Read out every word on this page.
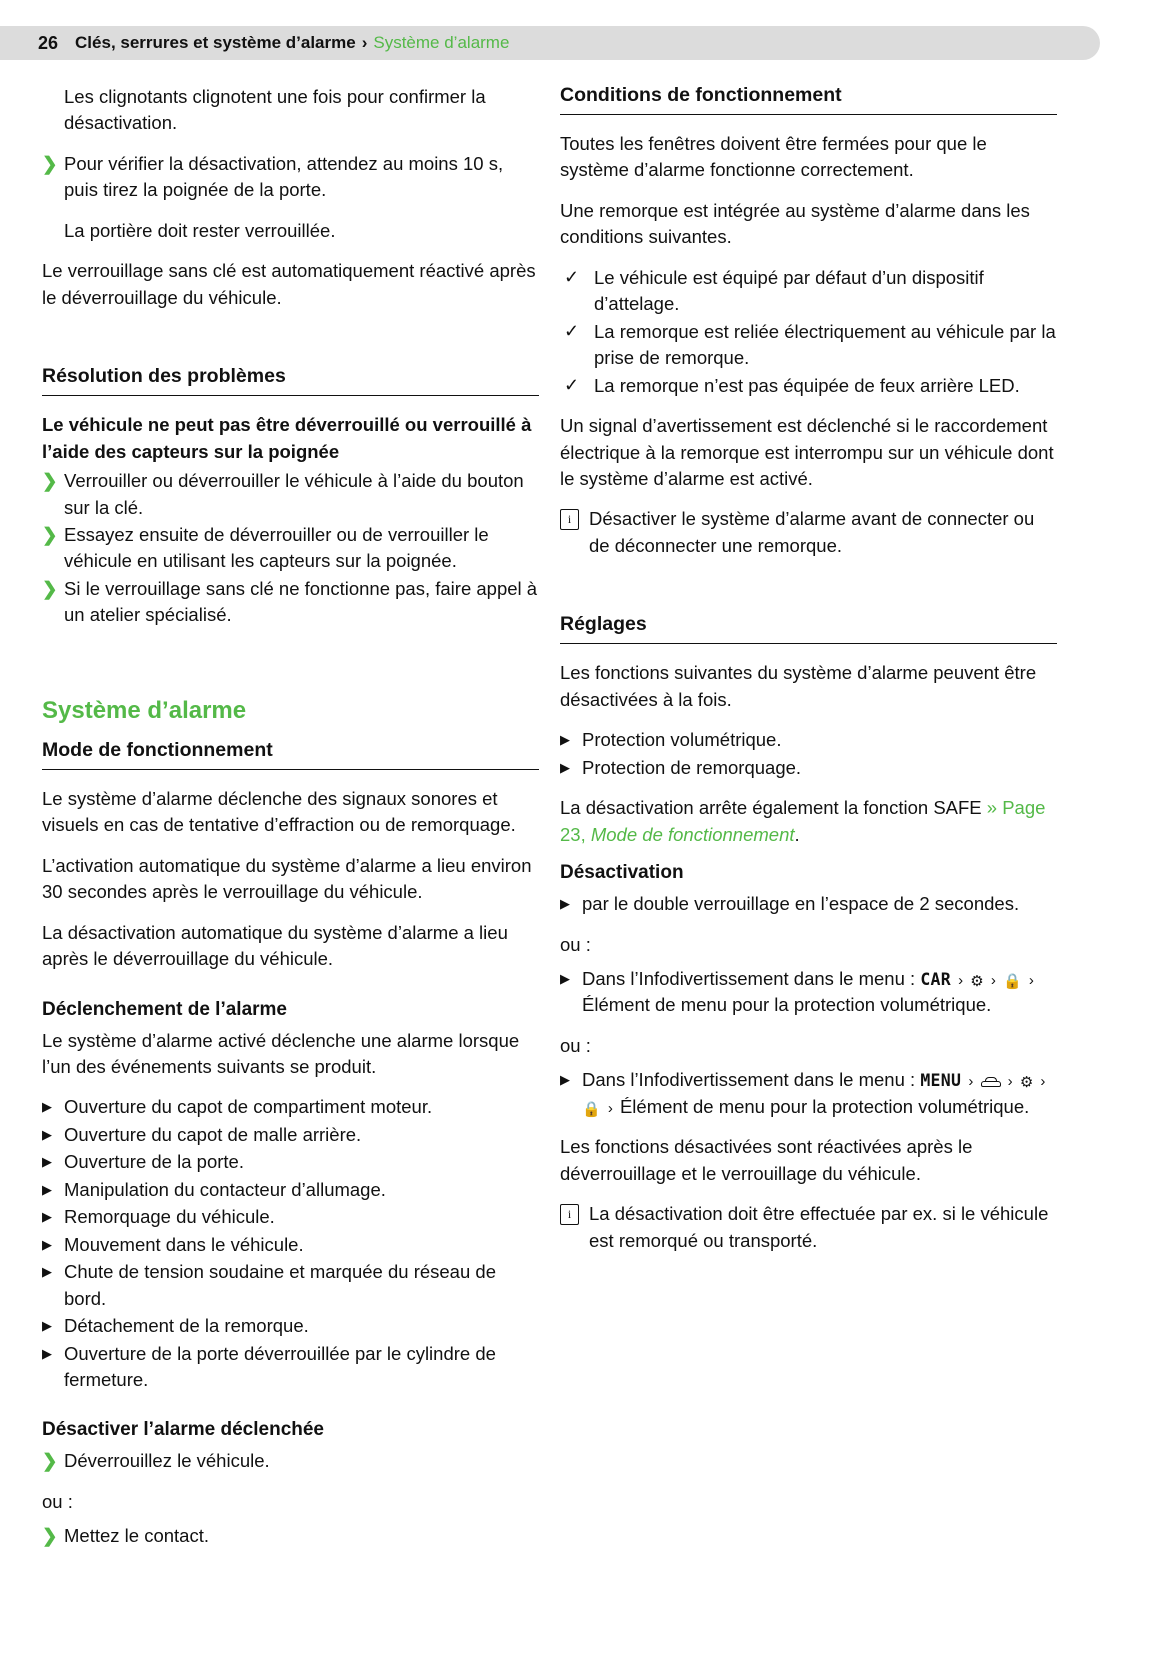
26 Clés, serrures et système d’alarme › Système d’alarme
Les clignotants clignotent une fois pour confirmer la désactivation.
❯ Pour vérifier la désactivation, attendez au moins 10 s, puis tirez la poignée de la porte.
La portière doit rester verrouillée.

Le verrouillage sans clé est automatiquement réactivé après le déverrouillage du véhicule.

Résolution des problèmes
Le véhicule ne peut pas être déverrouillé ou verrouillé à l’aide des capteurs sur la poignée
❯ Verrouiller ou déverrouiller le véhicule à l’aide du bouton sur la clé.
❯ Essayez ensuite de déverrouiller ou de verrouiller le véhicule en utilisant les capteurs sur la poignée.
❯ Si le verrouillage sans clé ne fonctionne pas, faire appel à un atelier spécialisé.
Système d’alarme
Mode de fonctionnement

Le système d’alarme déclenche des signaux sonores et visuels en cas de tentative d’effraction ou de remorquage.

L’activation automatique du système d’alarme a lieu environ 30 secondes après le verrouillage du véhicule.

La désactivation automatique du système d’alarme a lieu après le déverrouillage du véhicule.

Déclenchement de l’alarme

Le système d’alarme activé déclenche une alarme lorsque l’un des événements suivants se produit.

▶ Ouverture du capot de compartiment moteur.
▶ Ouverture du capot de malle arrière.
▶ Ouverture de la porte.
▶ Manipulation du contacteur d’allumage.
▶ Remorquage du véhicule.
▶ Mouvement dans le véhicule.
▶ Chute de tension soudaine et marquée du réseau de bord.
▶ Détachement de la remorque.
▶ Ouverture de la porte déverrouillée par le cylindre de fermeture.
Désactiver l’alarme déclenchée
❯ Déverrouillez le véhicule.
ou :
❯ Mettez le contact.
Conditions de fonctionnement

Toutes les fenêtres doivent être fermées pour que le système d’alarme fonctionne correctement.

Une remorque est intégrée au système d’alarme dans les conditions suivantes.

✓ Le véhicule est équipé par défaut d’un dispositif d’attelage.
✓ La remorque est reliée électriquement au véhicule par la prise de remorque.
✓ La remorque n’est pas équipée de feux arrière LED.

Un signal d’avertissement est déclenché si le raccordement électrique à la remorque est interrompu sur un véhicule dont le système d’alarme est activé.

i Désactiver le système d’alarme avant de connecter ou de déconnecter une remorque.
Réglages

Les fonctions suivantes du système d’alarme peuvent être désactivées à la fois.

▶ Protection volumétrique.
▶ Protection de remorquage.

La désactivation arrête également la fonction SAFE » Page 23, Mode de fonctionnement.

Désactivation
▶ par le double verrouillage en l’espace de 2 secondes.
ou :
▶ Dans l’Infodivertissement dans le menu : CAR › ⚙ › 🔒 › Élément de menu pour la protection volumétrique.
ou :
▶ Dans l’Infodivertissement dans le menu : MENU › › ⚙ › 🔒 › Élément de menu pour la protection volumétrique.

Les fonctions désactivées sont réactivées après le déverrouillage et le verrouillage du véhicule.

i La désactivation doit être effectuée par ex. si le véhicule est remorqué ou transporté.
